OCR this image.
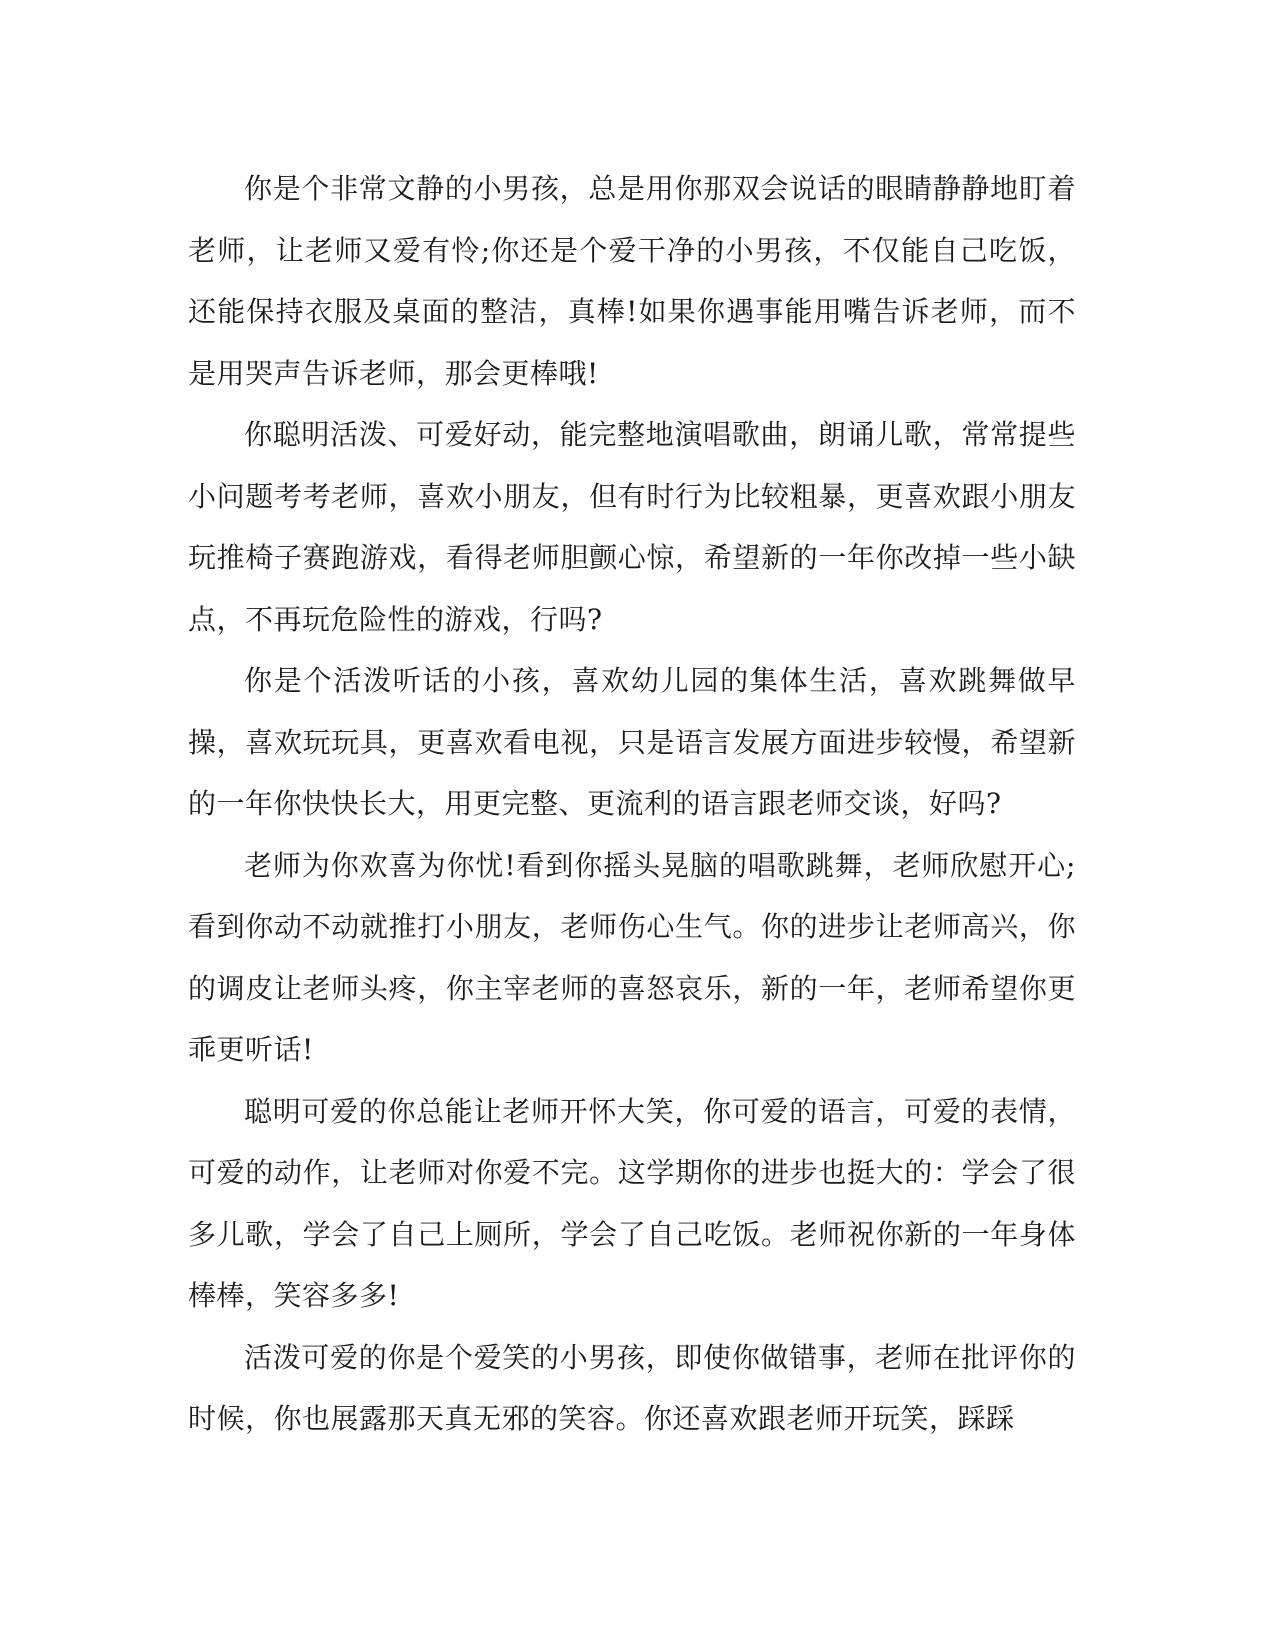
你是个非常文静的小男孩，总是用你那双会说话的眼睛静静地盯着老师，让老师又爱有怜;你还是个爱干净的小男孩，不仅能自己吃饭，还能保持衣服及桌面的整洁，真棒!如果你遇事能用嘴告诉老师，而不是用哭声告诉老师，那会更棒哦!

你聪明活泼、可爱好动，能完整地演唱歌曲，朗诵儿歌，常常提些小问题考考老师，喜欢小朋友，但有时行为比较粗暴，更喜欢跟小朋友玩推椅子赛跑游戏，看得老师胆颤心惊，希望新的一年你改掉一些小缺点，不再玩危险性的游戏，行吗?

你是个活泼听话的小孩，喜欢幼儿园的集体生活，喜欢跳舞做早操，喜欢玩玩具，更喜欢看电视，只是语言发展方面进步较慢，希望新的一年你快快长大，用更完整、更流利的语言跟老师交谈，好吗?

老师为你欢喜为你忧!看到你摇头晃脑的唱歌跳舞，老师欣慰开心;看到你动不动就推打小朋友，老师伤心生气。你的进步让老师高兴，你的调皮让老师头疼，你主宰老师的喜怒哀乐，新的一年，老师希望你更乖更听话!

聪明可爱的你总能让老师开怀大笑，你可爱的语言，可爱的表情，可爱的动作，让老师对你爱不完。这学期你的进步也挺大的：学会了很多儿歌，学会了自己上厕所，学会了自己吃饭。老师祝你新的一年身体棒棒，笑容多多!

活泼可爱的你是个爱笑的小男孩，即使你做错事，老师在批评你的时候，你也展露那天真无邪的笑容。你还喜欢跟老师开玩笑，踩踩
